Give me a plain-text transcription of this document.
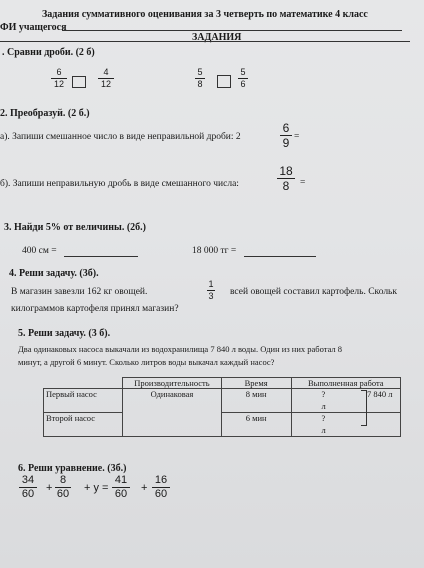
Задания суммативного оценивания за 3 четверть по математике 4 класс
ФИ учащегося
ЗАДАНИЯ
. Сравни дроби. (2 б)
6
12
4
12
5
8
5
6
2. Преобразуй. (2 б.)
а). Запиши смешанное число в виде неправильной дроби: 2
6
9 =
б). Запиши неправильную дробь в виде смешанного числа:
18
8 =
3. Найди 5% от величины. (2б.)
400 см =	18 000 тг =
4. Реши задачу. (3б).
В магазин завезли 162 кг овощей.
1
3 всей овощей составил картофель. Скольк
килограммов картофеля принял магазин?
5. Реши задачу. (3 б).
Два одинаковых насоса выкачали из водохранилища 7 840 л воды. Один из них работал 8
минут, а другой 6 минут. Сколько литров воды выкачал каждый насос?
	Производительность	Время	Выполненная работа
Первый насос	Одинаковая	8 мин	?
л

Второй насос		6 мин	?
л
7 840 л
6. Реши уравнение. (3б.)
34
60 +
8
60 + у =
41
60 +
16
60
